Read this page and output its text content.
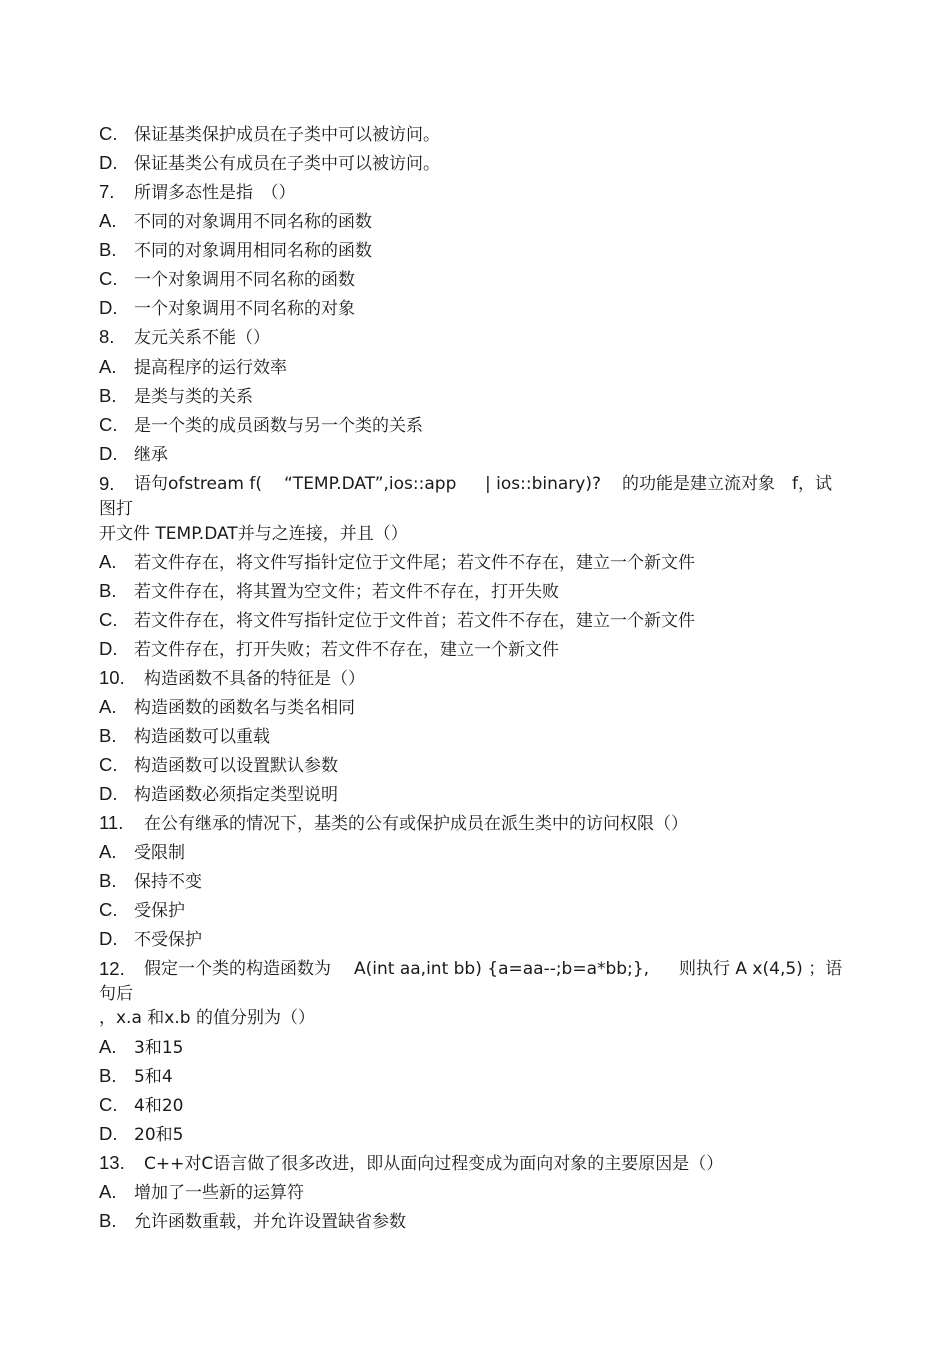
C. 保证基类保护成员在子类中可以被访问。
D. 保证基类公有成员在子类中可以被访问。
7.	所谓多态性是指　（）
A.	不同的对象调用不同名称的函数
B.	不同的对象调用相同名称的函数
C. 一个对象调用不同名称的函数
D. 一个对象调用不同名称的对象
8.	友元关系不能（）
A.	提高程序的运行效率
B.	是类与类的关系
C. 是一个类的成员函数与另一个类的关系
D. 继承
9. 语句ofstream f( “TEMP.DAT”,ios::app | ios::binary)? 的功能是建立流对象　f，试
图打
开文件 TEMP.DAT并与之连接，并且（）
A.	若文件存在，将文件写指针定位于文件尾；若文件不存在，建立一个新文件
B.	若文件存在，将其置为空文件；若文件不存在，打开失败
C. 若文件存在，将文件写指针定位于文件首；若文件不存在，建立一个新文件
D. 若文件存在，打开失败；若文件不存在，建立一个新文件
10.	构造函数不具备的特征是（）
A.	构造函数的函数名与类名相同
B.	构造函数可以重载
C. 构造函数可以设置默认参数
D. 构造函数必须指定类型说明
11.	在公有继承的情况下，基类的公有或保护成员在派生类中的访问权限（）
A.	受限制
B.	保持不变
C. 受保护
D. 不受保护
12. 假定一个类的构造函数为 A(int aa,int bb) {a=aa--;b=a*bb;}, 则执行 A x(4,5) ；语
句后
，x.a 和x.b 的值分别为（）
A.	3和15
B.	5和4
C. 4和20
D. 20和5
13.	C++对C语言做了很多改进，即从面向过程变成为面向对象的主要原因是（）
A.	增加了一些新的运算符
B.	允许函数重载，并允许设置缺省参数
